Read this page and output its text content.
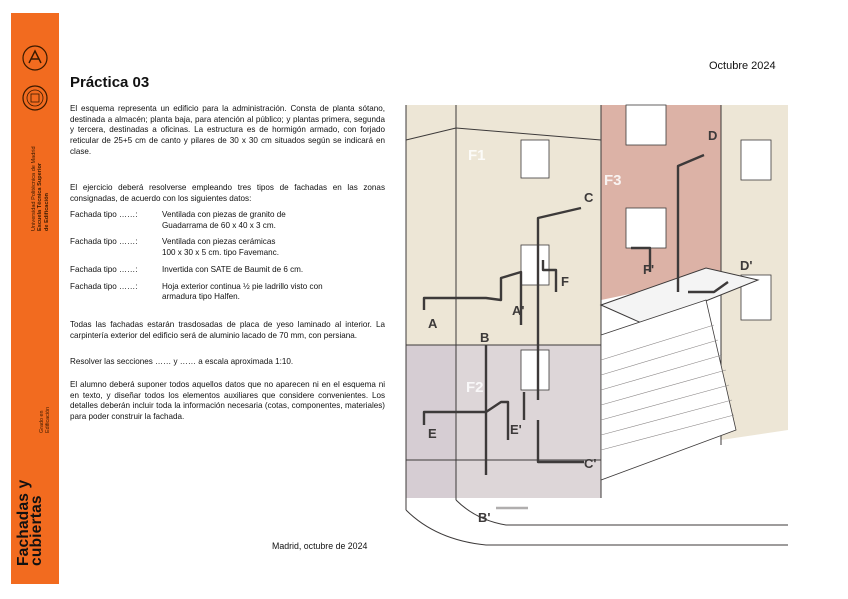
Universidad Politécnica de Madrid Escuela Técnica Superior de Edificación
Grado en Edificación
Fachadas y
cubiertas
Octubre 2024
Práctica 03
El esquema representa un edificio para la administración. Consta de planta sótano, destinada a almacén; planta baja, para atención al público; y plantas primera, segunda y tercera, destinadas a oficinas. La estructura es de hormigón armado, con forjado reticular de 25+5 cm de canto y pilares de 30 x 30 cm situados según se indicará en clase.
El ejercicio deberá resolverse empleando tres tipos de fachadas en las zonas consignadas, de acuerdo con los siguientes datos:
Fachada tipo ……:	Ventilada con piezas de granito de
Guadarrama de 60 x 40 x 3 cm.
Fachada tipo ……:	Ventilada con piezas cerámicas
100 x 30 x 5 cm. tipo Favemanc.
Fachada tipo ……:	Invertida con SATE de Baumit de 6 cm.
Fachada tipo ……:	Hoja exterior continua ½ pie ladrillo visto con
armadura tipo Halfen.
Todas las fachadas estarán trasdosadas de placa de yeso laminado al interior. La carpintería exterior del edificio será de aluminio lacado de 70 mm, con persiana.
Resolver las secciones …… y …… a escala aproximada 1:10.
El alumno deberá suponer todos aquellos datos que no aparecen ni en el esquema ni en texto, y diseñar todos los elementos auxiliares que considere convenientes. Los detalles deberán incluir toda la información necesaria (cotas, componentes, materiales) para poder construir la fachada.
Madrid, octubre de 2024
F1
F2
F3
A
A'
B
B'
C
C'
D
D'
E	E'
F
F'
